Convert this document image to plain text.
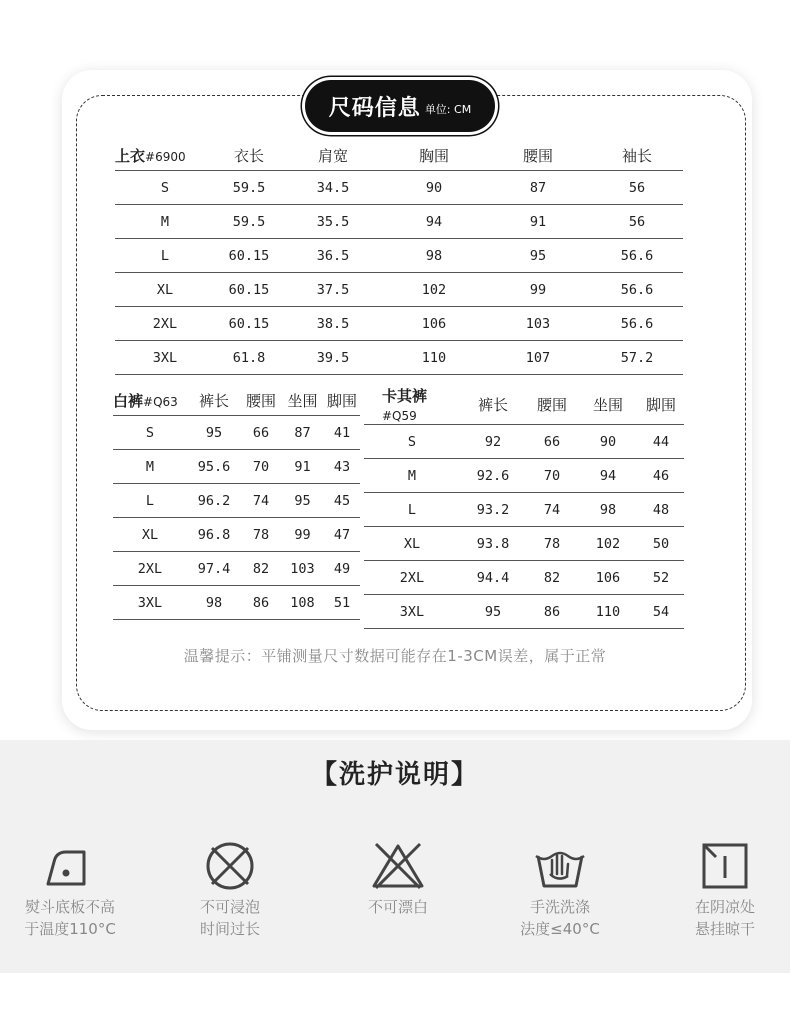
尺码信息 单位: CM
上衣#6900	衣长	肩宽	胸围	腰围	袖长
S	59.5	34.5	90	87	56
M	59.5	35.5	94	91	56
L	60.15	36.5	98	95	56.6
XL	60.15	37.5	102	99	56.6
2XL	60.15	38.5	106	103	56.6
3XL	61.8	39.5	110	107	57.2
白裤#Q63	裤长	腰围	坐围	脚围
S	95	66	87	41
M	95.6	70	91	43
L	96.2	74	95	45
XL	96.8	78	99	47
2XL	97.4	82	103	49
3XL	98	86	108	51
卡其裤#Q59	裤长	腰围	坐围	脚围
S	92	66	90	44
M	92.6	70	94	46
L	93.2	74	98	48
XL	93.8	78	102	50
2XL	94.4	82	106	52
3XL	95	86	110	54
温馨提示：平铺测量尺寸数据可能存在1-3CM误差，属于正常
【洗护说明】
熨斗底板不高
于温度110°C
不可浸泡
时间过长
不可漂白	手洗洗涤
法度≤40°C
在阴凉处
悬挂晾干
